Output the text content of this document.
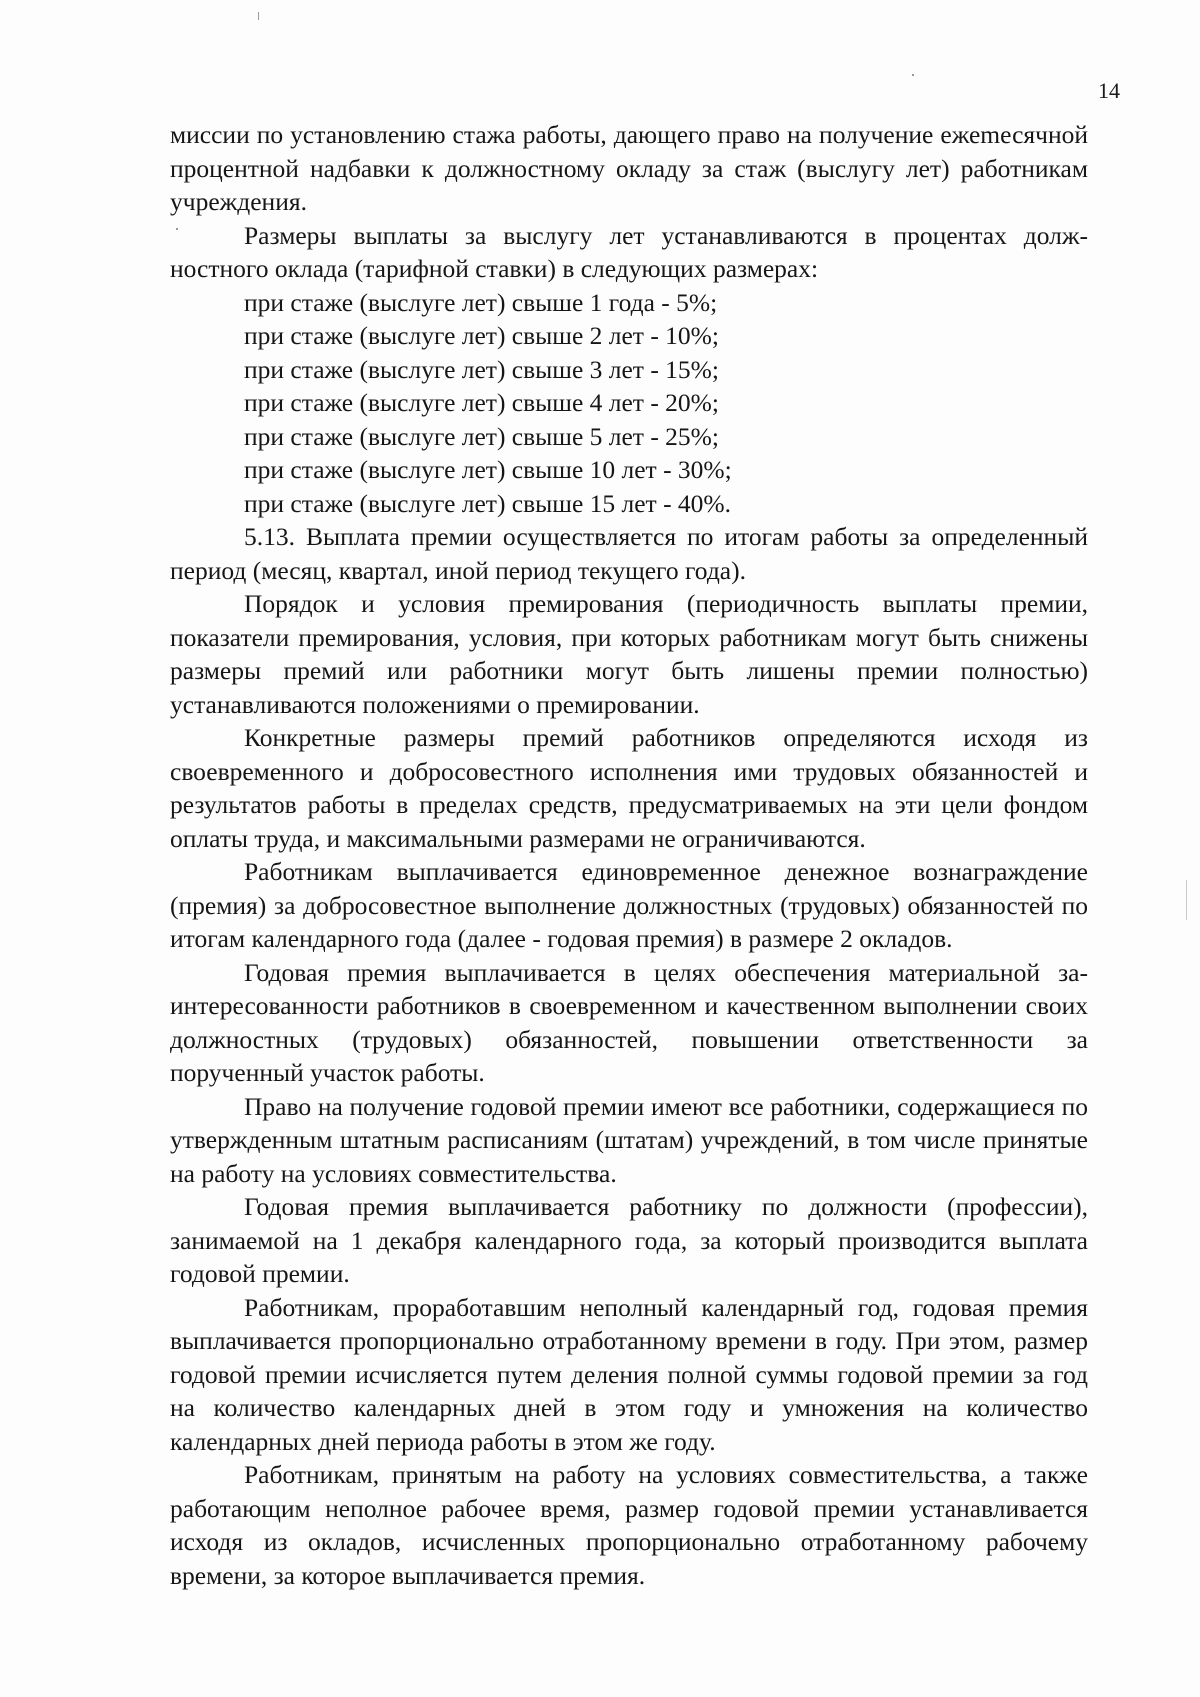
14

миссии по установлению стажа работы, дающего право на получение ежеmесячной процентной надбавки к должностному окладу за стаж (выслугу лет) работникам учреждения.

Размеры выплаты за выслугу лет устанавливаются в процентах должностного оклада (тарифной ставки) в следующих размерах:

при стаже (выслуге лет) свыше 1 года - 5%;

при стаже (выслуге лет) свыше 2 лет - 10%;

при стаже (выслуге лет) свыше 3 лет - 15%;

при стаже (выслуге лет) свыше 4 лет - 20%;

при стаже (выслуге лет) свыше 5 лет - 25%;

при стаже (выслуге лет) свыше 10 лет - 30%;

при стаже (выслуге лет) свыше 15 лет - 40%.

5.13. Выплата премии осуществляется по итогам работы за определенный период (месяц, квартал, иной период текущего года).

Порядок и условия премирования (периодичность выплаты премии, показатели премирования, условия, при которых работникам могут быть снижены размеры премий или работники могут быть лишены премии полностью) устанавливаются положениями о премировании.

Конкретные размеры премий работников определяются исходя из своевременного и добросовестного исполнения ими трудовых обязанностей и результатов работы в пределах средств, предусматриваемых на эти цели фондом оплаты труда, и максимальными размерами не ограничиваются.

Работникам выплачивается единовременное денежное вознаграждение (премия) за добросовестное выполнение должностных (трудовых) обязанностей по итогам календарного года (далее - годовая премия) в размере 2 окладов.

Годовая премия выплачивается в целях обеспечения материальной заинтересованности работников в своевременном и качественном выполнении своих должностных (трудовых) обязанностей, повышении ответственности за порученный участок работы.

Право на получение годовой премии имеют все работники, содержащиеся по утвержденным штатным расписаниям (штатам) учреждений, в том числе принятые на работу на условиях совместительства.

Годовая премия выплачивается работнику по должности (профессии), занимаемой на 1 декабря календарного года, за который производится выплата годовой премии.

Работникам, проработавшим неполный календарный год, годовая премия выплачивается пропорционально отработанному времени в году. При этом, размер годовой премии исчисляется путем деления полной суммы годовой премии за год на количество календарных дней в этом году и умножения на количество календарных дней периода работы в этом же году.

Работникам, принятым на работу на условиях совместительства, а также работающим неполное рабочее время, размер годовой премии устанавливается исходя из окладов, исчисленных пропорционально отработанному рабочему времени, за которое выплачивается премия.
